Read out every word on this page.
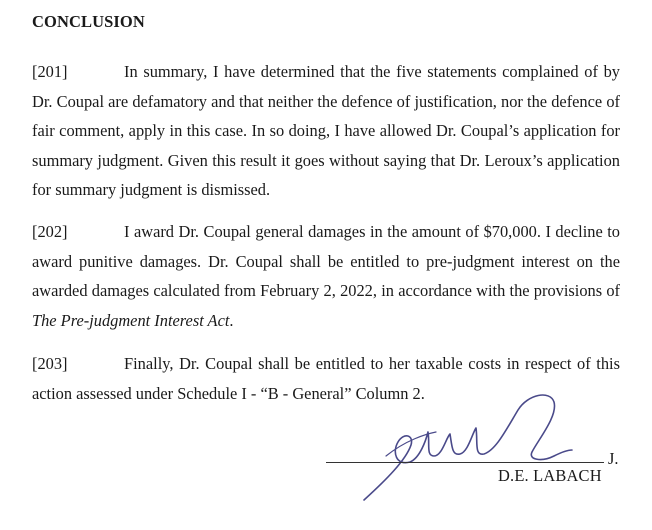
CONCLUSION
[201]	In summary, I have determined that the five statements complained of by Dr. Coupal are defamatory and that neither the defence of justification, nor the defence of fair comment, apply in this case. In so doing, I have allowed Dr. Coupal’s application for summary judgment. Given this result it goes without saying that Dr. Leroux’s application for summary judgment is dismissed.
[202]	I award Dr. Coupal general damages in the amount of $70,000. I decline to award punitive damages. Dr. Coupal shall be entitled to pre-judgment interest on the awarded damages calculated from February 2, 2022, in accordance with the provisions of The Pre-judgment Interest Act.
[203]	Finally, Dr. Coupal shall be entitled to her taxable costs in respect of this action assessed under Schedule I - “B - General” Column 2.
J.
D.E. LABACH
